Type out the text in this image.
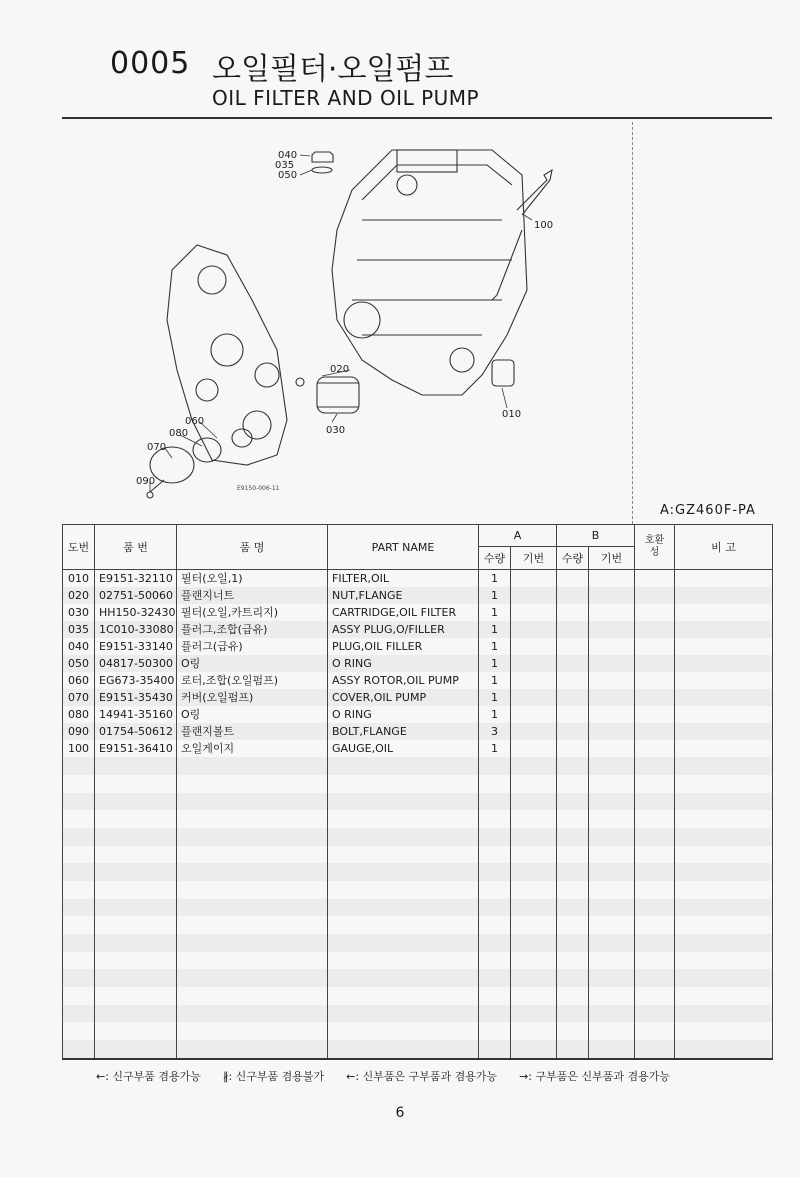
0005 오일필터·오일펌프
OIL FILTER AND OIL PUMP
035
040
050
100
020
030
010
060
080
070
090
E9150-006-11
A:GZ460F-PA
도번	품 번	품 명	PART NAME	A		B		호환성	비 고
				수량	기번	수량	기번		
010	E9151-32110	필터(오일,1)	FILTER,OIL	1					
020	02751-50060	플랜지너트	NUT,FLANGE	1					
030	HH150-32430	필터(오일,카트리지)	CARTRIDGE,OIL FILTER	1					
035	1C010-33080	플러그,조합(급유)	ASSY PLUG,O/FILLER	1					
040	E9151-33140	플러그(급유)	PLUG,OIL FILLER	1					
050	04817-50300	O링	O RING	1					
060	EG673-35400	로터,조합(오일펌프)	ASSY ROTOR,OIL PUMP	1					
070	E9151-35430	커버(오일펌프)	COVER,OIL PUMP	1					
080	14941-35160	O링	O RING	1					
090	01754-50612	플랜지볼트	BOLT,FLANGE	3					
100	E9151-36410	오일게이지	GAUGE,OIL	1					

←: 신구부품 겸용가능 ∦: 신구부품 겸용불가 ←: 신부품은 구부품과 겸용가능 →: 구부품은 신부품과 겸용가능
6
